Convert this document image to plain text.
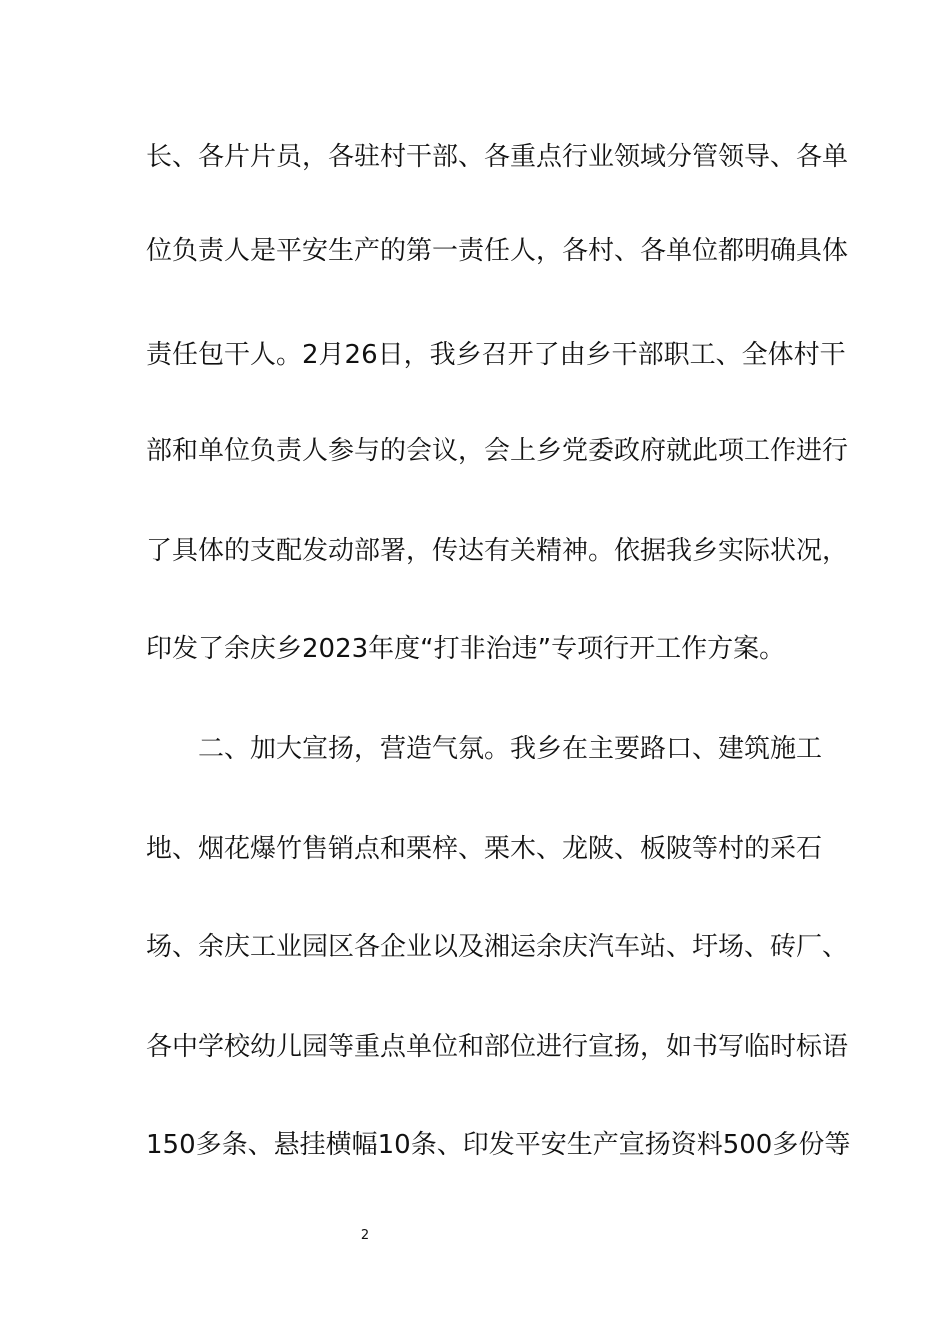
长、各片片员，各驻村干部、各重点行业领域分管领导、各单
位负责人是平安生产的第一责任人，各村、各单位都明确具体
责任包干人。2月26日，我乡召开了由乡干部职工、全体村干
部和单位负责人参与的会议，会上乡党委政府就此项工作进行
了具体的支配发动部署，传达有关精神。依据我乡实际状况，
印发了余庆乡2023年度“打非治违”专项行开工作方案。
　　二、加大宣扬，营造气氛。我乡在主要路口、建筑施工
地、烟花爆竹售销点和栗梓、栗木、龙陂、板陂等村的采石
场、余庆工业园区各企业以及湘运余庆汽车站、圩场、砖厂、
各中学校幼儿园等重点单位和部位进行宣扬，如书写临时标语
150多条、悬挂横幅10条、印发平安生产宣扬资料500多份等
2
